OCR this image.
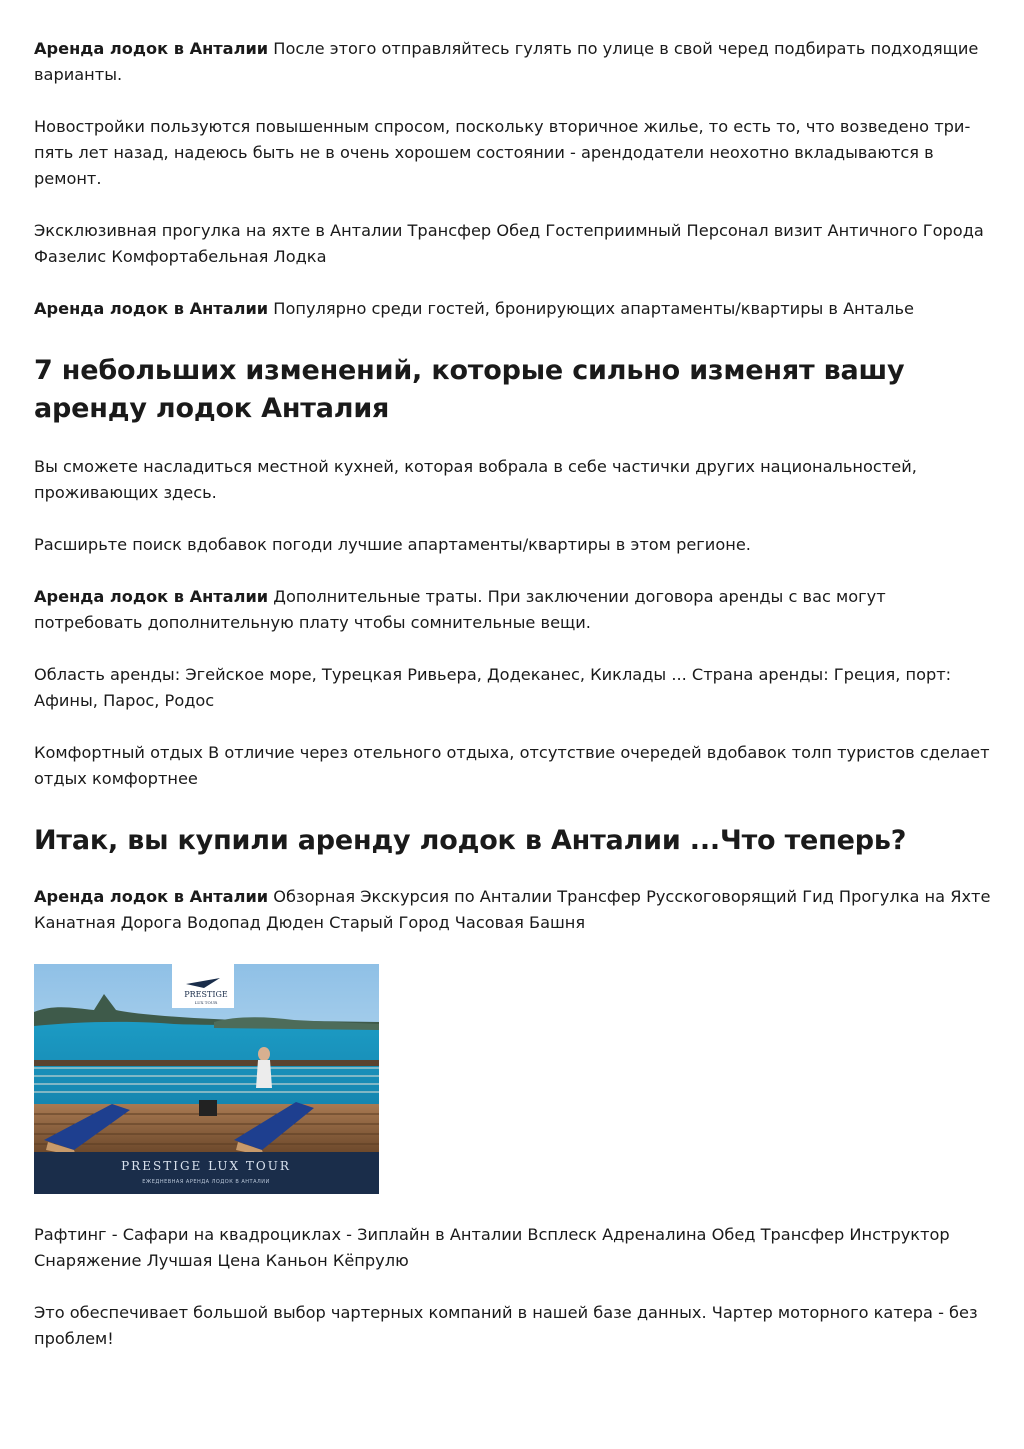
Аренда лодок в Анталии После этого отправляйтесь гулять по улице в свой черед подбирать подходящие варианты.

Новостройки пользуются повышенным спросом, поскольку вторичное жилье, то есть то, что возведено три-пять лет назад, надеюсь быть не в очень хорошем состоянии - арендодатели неохотно вкладываются в ремонт.

Эксклюзивная прогулка на яхте в Анталии Трансфер Обед Гостеприимный Персонал визит Античного Города Фазелис Комфортабельная Лодка

Аренда лодок в Анталии Популярно среди гостей, бронирующих апартаменты/квартиры в Анталье

7 небольших изменений, которые сильно изменят вашу аренду лодок Анталия

Вы сможете насладиться местной кухней, которая вобрала в себе частички других национальностей, проживающих здесь.

Расширьте поиск вдобавок погоди лучшие апартаменты/квартиры в этом регионе.

Аренда лодок в Анталии Дополнительные траты. При заключении договора аренды с вас могут потребовать дополнительную плату чтобы сомнительные вещи.

Область аренды: Эгейское море, Турецкая Ривьера, Додеканес, Киклады ... Страна аренды: Греция, порт: Афины, Парос, Родос

Комфортный отдых В отличие через отельного отдыха, отсутствие очередей вдобавок толп туристов сделает отдых комфортнее

Итак, вы купили аренду лодок в Анталии ...Что теперь?

Аренда лодок в Анталии Обзорная Экскурсия по Анталии Трансфер Русскоговорящий Гид Прогулка на Яхте Канатная Дорога Водопад Дюден Старый Город Часовая Башня

PRESTIGE
LUX TOUR
PRESTIGE LUX TOUR
ЕЖЕДНЕВНАЯ АРЕНДА ЛОДОК В АНТАЛИИ

Рафтинг - Сафари на квадроциклах - Зиплайн в Анталии Всплеск Адреналина Обед Трансфер Инструктор Снаряжение Лучшая Цена Каньон Кёпрулю

Это обеспечивает большой выбор чартерных компаний в нашей базе данных. Чартер моторного катера - без проблем!
